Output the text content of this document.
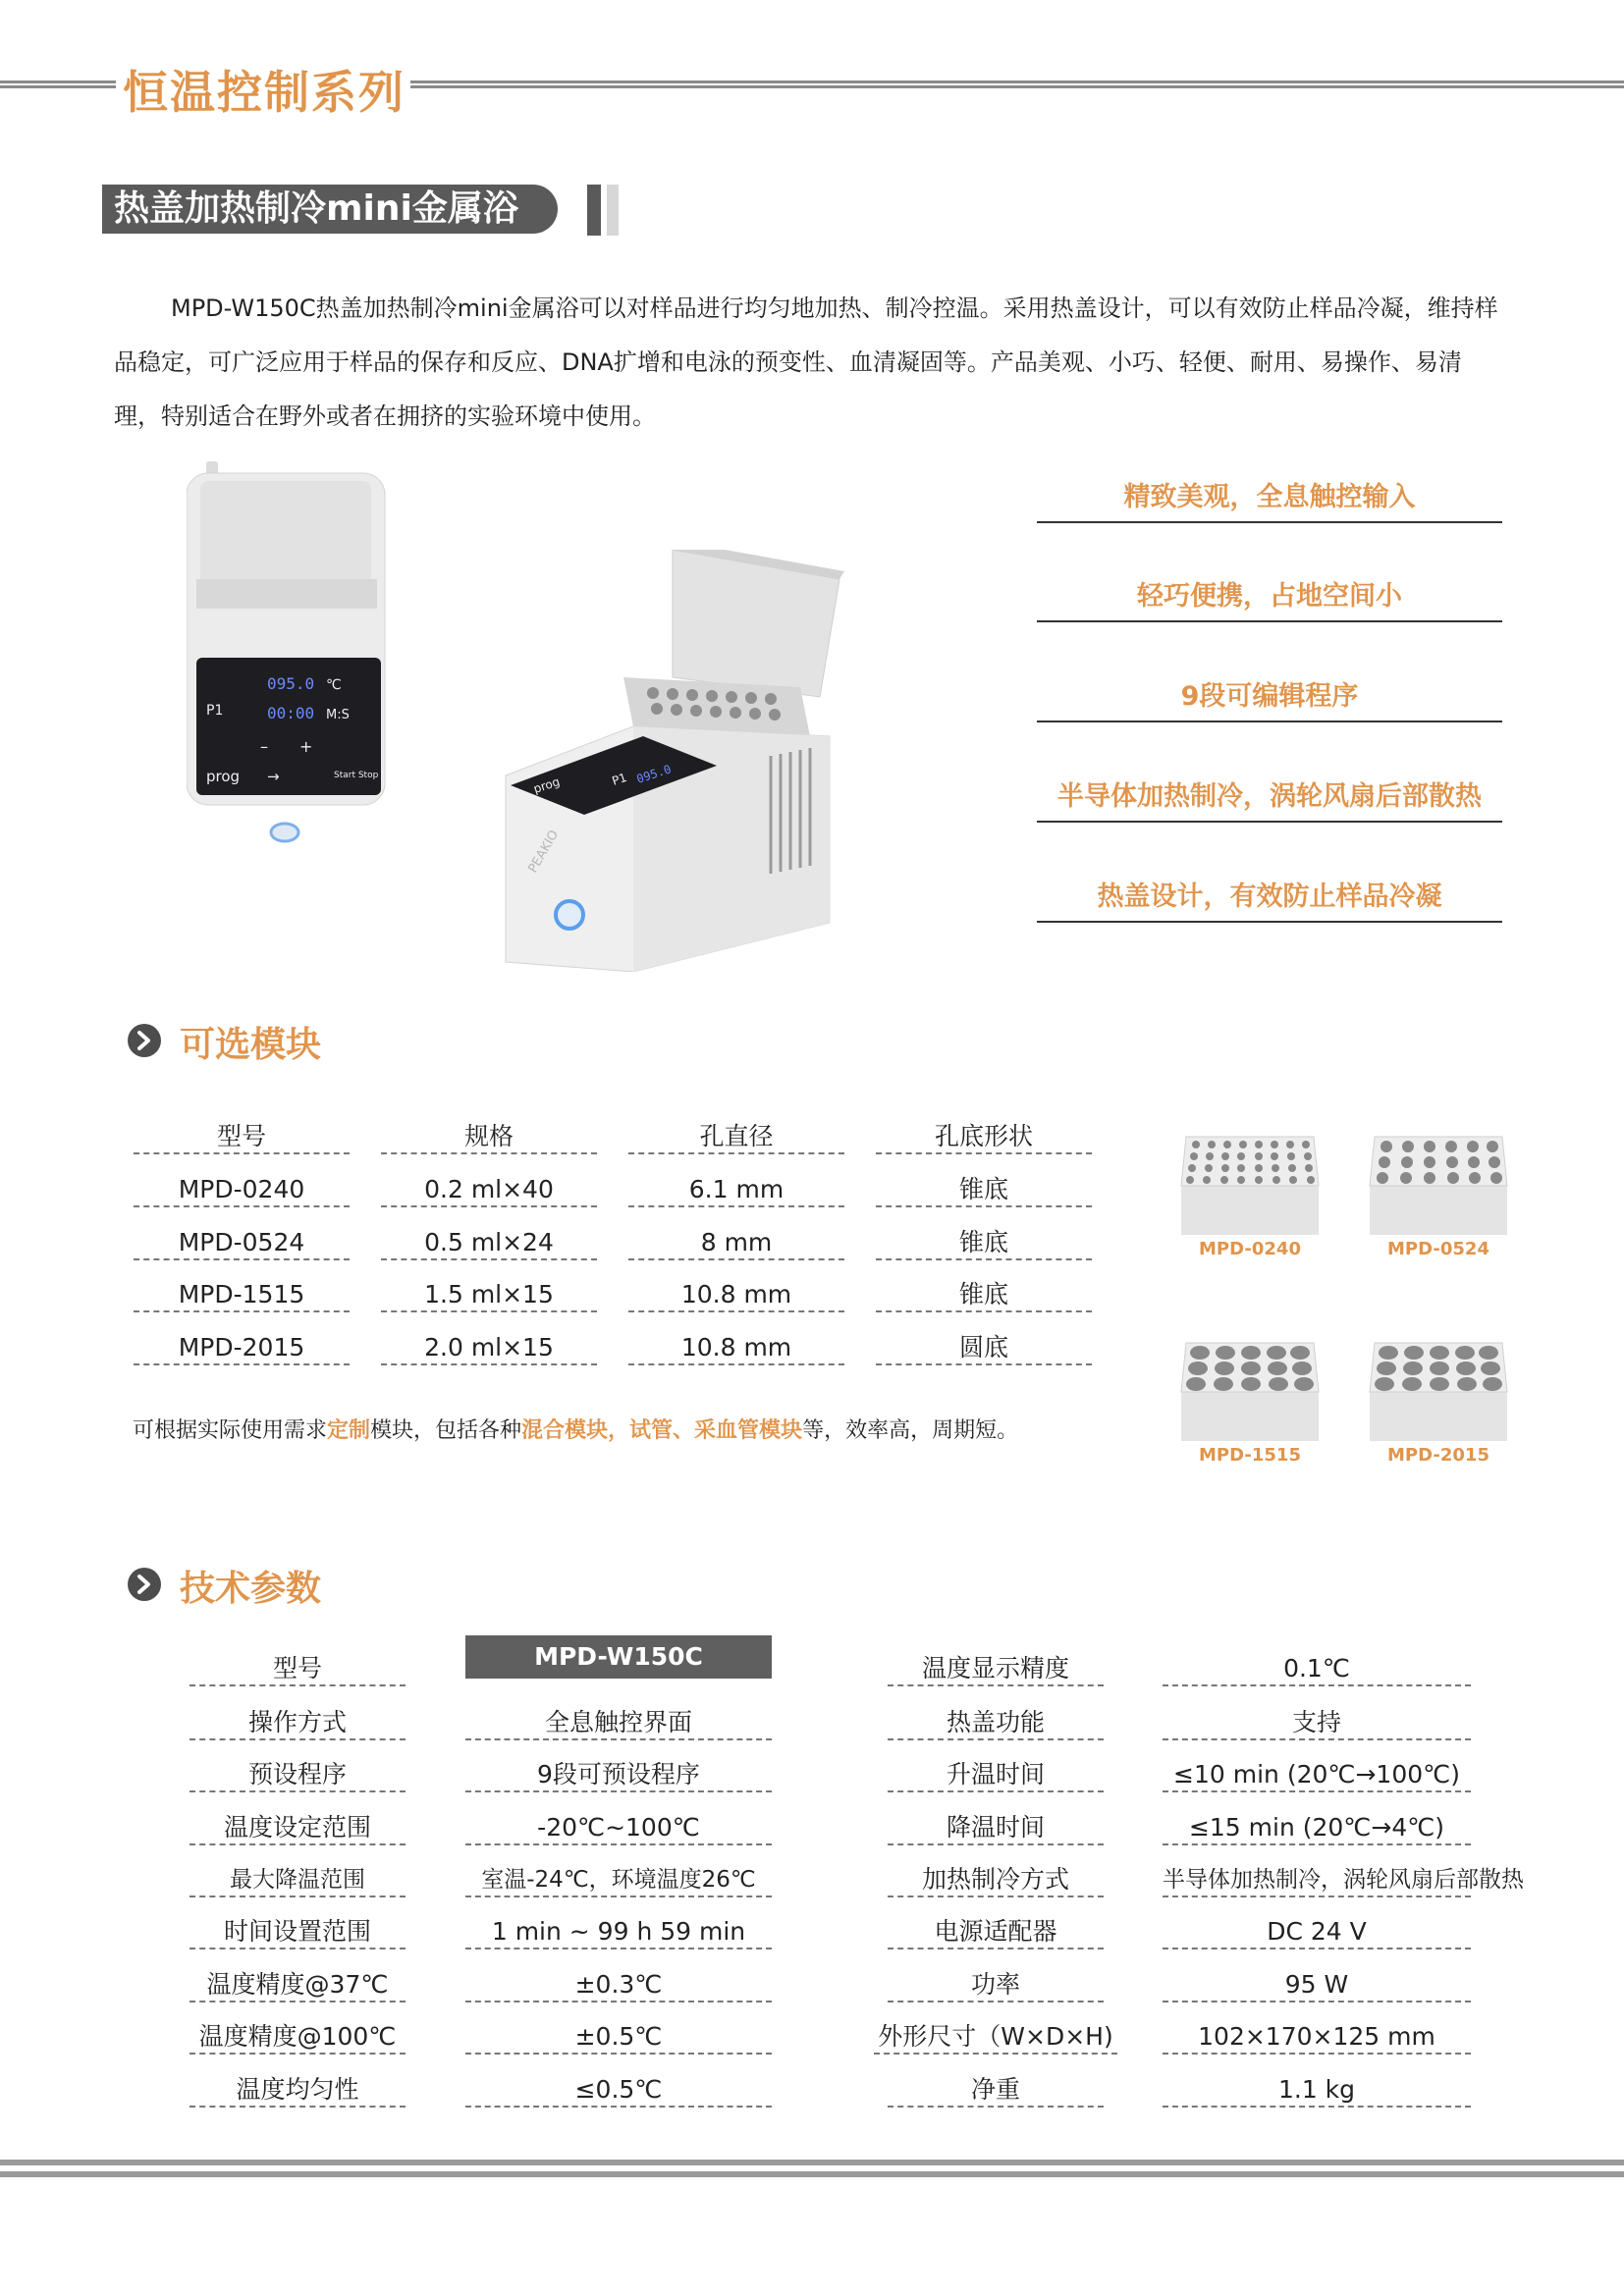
恒温控制系列
热盖加热制冷mini金属浴

MPD-W150C热盖加热制冷mini金属浴可以对样品进行均匀地加热、制冷控温。采用热盖设计，可以有效防止样品冷凝，维持样品稳定，可广泛应用于样品的保存和反应、DNA扩增和电泳的预变性、血清凝固等。产品美观、小巧、轻便、耐用、易操作、易清理，特别适合在野外或者在拥挤的实验环境中使用。

095.0 ℃
P1	00:00 M:S
– +
prog →	Start Stop	prog	P1 095.0
PEAKIO
精致美观，全息触控输入
轻巧便携，占地空间小
9段可编辑程序
半导体加热制冷，涡轮风扇后部散热
热盖设计，有效防止样品冷凝
可选模块
型号	规格	孔直径	孔底形状
MPD-0240	0.2 ml×40	6.1 mm	锥底
MPD-0524	0.5 ml×24	8 mm	锥底
MPD-1515	1.5 ml×15	10.8 mm	锥底
MPD-2015	2.0 ml×15	10.8 mm	圆底
可根据实际使用需求定制模块，包括各种混合模块，试管、采血管模块等，效率高，周期短。
MPD-0240	MPD-0524
MPD-1515	MPD-2015
技术参数
型号	MPD-W150C	温度显示精度	0.1℃
操作方式	全息触控界面	热盖功能	支持
预设程序	9段可预设程序	升温时间	≤10 min (20℃→100℃)
温度设定范围	-20℃~100℃	降温时间	≤15 min (20℃→4℃)
最大降温范围	室温-24℃，环境温度26℃	加热制冷方式	半导体加热制冷，涡轮风扇后部散热
时间设置范围	1 min ~ 99 h 59 min	电源适配器	DC 24 V
温度精度@37℃	±0.3℃	功率	95 W
温度精度@100℃	±0.5℃	外形尺寸（W×D×H)	102×170×125 mm
温度均匀性	≤0.5℃	净重	1.1 kg
